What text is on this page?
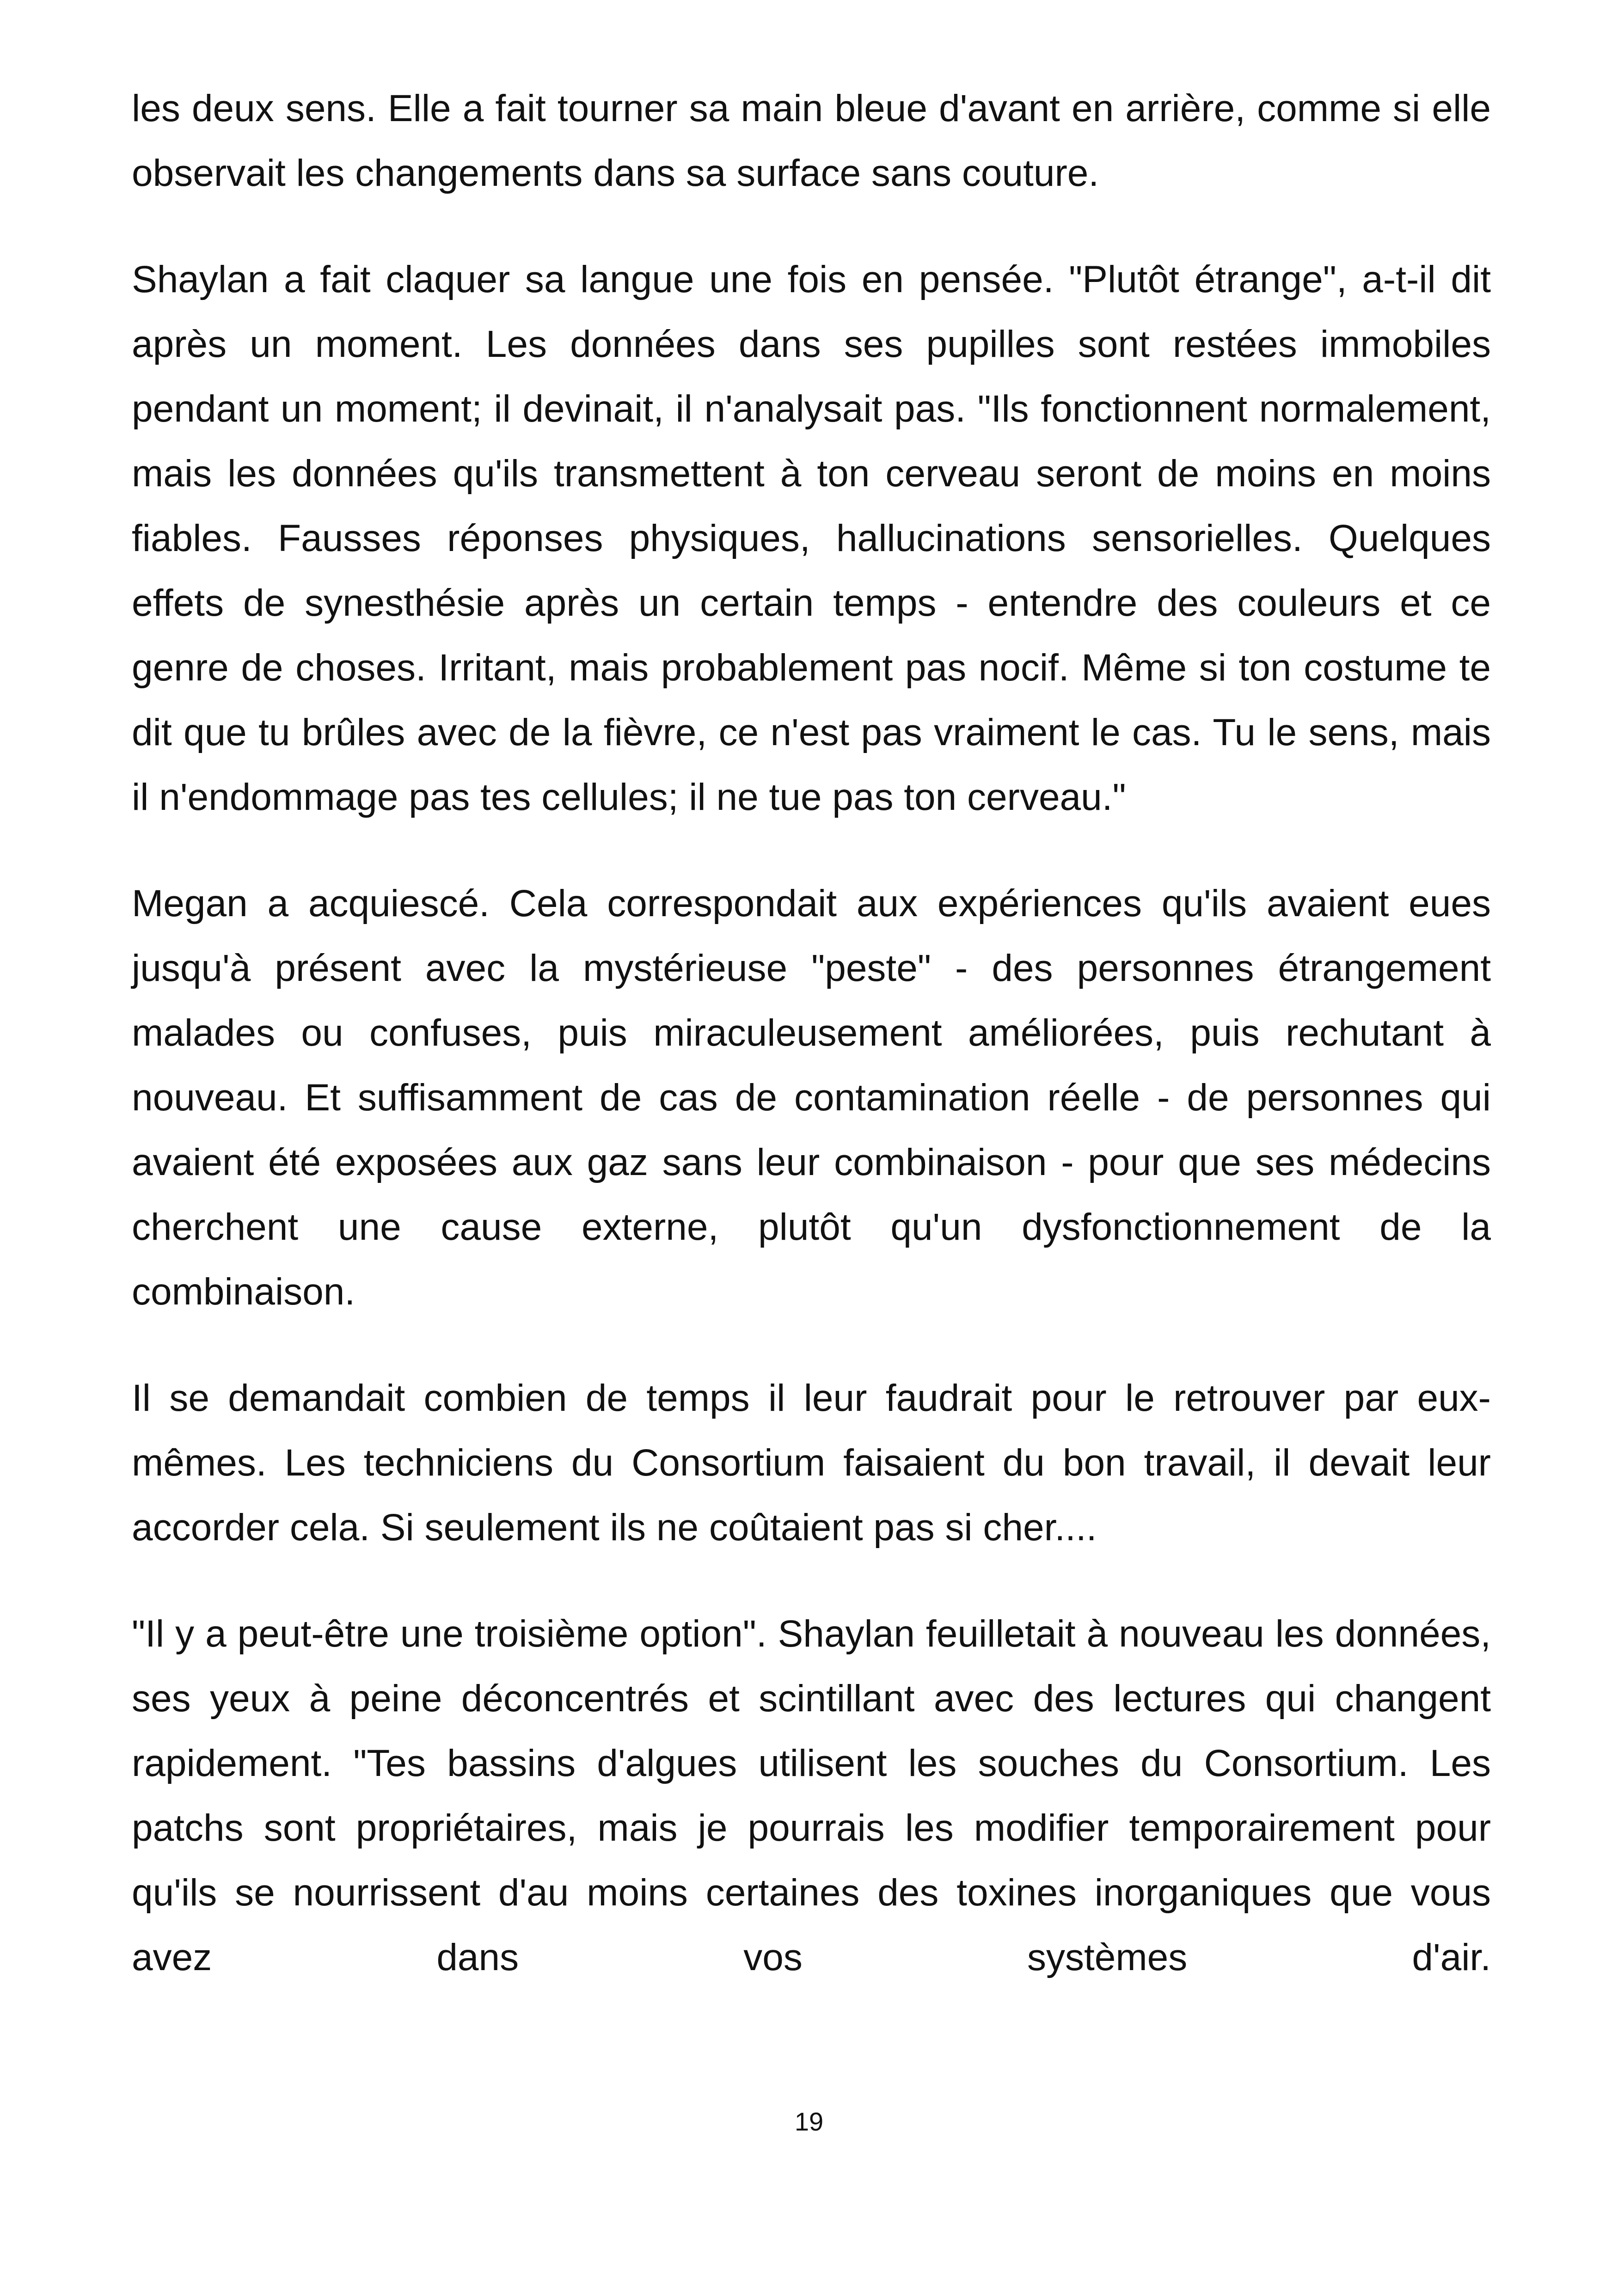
les deux sens. Elle a fait tourner sa main bleue d'avant en arrière, comme si elle observait les changements dans sa surface sans couture.

Shaylan a fait claquer sa langue une fois en pensée. "Plutôt étrange", a-t-il dit après un moment. Les données dans ses pupilles sont restées immobiles pendant un moment; il devinait, il n'analysait pas. "Ils fonctionnent normalement, mais les données qu'ils transmettent à ton cerveau seront de moins en moins fiables. Fausses réponses physiques, hallucinations sensorielles. Quelques effets de synesthésie après un certain temps - entendre des couleurs et ce genre de choses. Irritant, mais probablement pas nocif. Même si ton costume te dit que tu brûles avec de la fièvre, ce n'est pas vraiment le cas. Tu le sens, mais il n'endommage pas tes cellules; il ne tue pas ton cerveau."

Megan a acquiescé. Cela correspondait aux expériences qu'ils avaient eues jusqu'à présent avec la mystérieuse "peste" - des personnes étrangement malades ou confuses, puis miraculeusement améliorées, puis rechutant à nouveau. Et suffisamment de cas de contamination réelle - de personnes qui avaient été exposées aux gaz sans leur combinaison - pour que ses médecins cherchent une cause externe, plutôt qu'un dysfonctionnement de la combinaison.

Il se demandait combien de temps il leur faudrait pour le retrouver par eux-mêmes. Les techniciens du Consortium faisaient du bon travail, il devait leur accorder cela. Si seulement ils ne coûtaient pas si cher....

"Il y a peut-être une troisième option". Shaylan feuilletait à nouveau les données, ses yeux à peine déconcentrés et scintillant avec des lectures qui changent rapidement. "Tes bassins d'algues utilisent les souches du Consortium. Les patchs sont propriétaires, mais je pourrais les modifier temporairement pour qu'ils se nourrissent d'au moins certaines des toxines inorganiques que vous avez dans vos systèmes d'air.

19
